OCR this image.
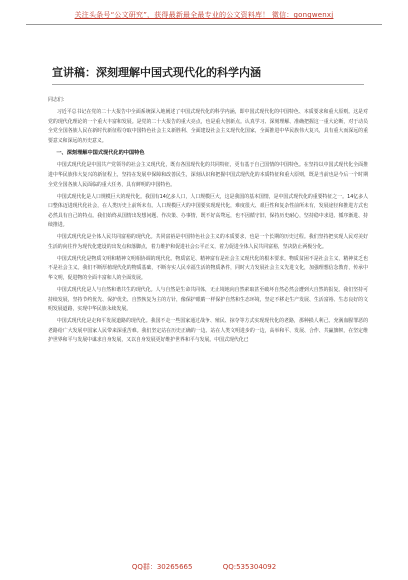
关注头条号“公文研究”，获得最新最全最专业的公文资料库！ 微信：gongwenxj
宣讲稿：深刻理解中国式现代化的科学内涵

同志们：

习近平总书记在党的二十大报告中全面系统深入地阐述了中国式现代化的科学内涵，即中国式现代化的中国特色、本质要求和重大原则。这是对党的现代化理论的一个重大丰富和发展。是党的二十大报告的重大亮点，也是重大创新点。认真学习、深刻理解、准确把握这一重大论断，对于动员全党全国各族人民在新时代新征程夺取中国特色社会主义新胜利、全面建设社会主义现代化国家，全面推进中华民族伟大复兴，具有重大而深远的重要意义和深远的历史意义。

一、深刻理解中国式现代化的中国特色

中国式现代化是中国共产党领导的社会主义现代化，既有各国现代化的共同特征，更有基于自己国情的中国特色。在坚持以中国式现代化全面推进中华民族伟大复兴的新征程上，坚持在发展中保障和改善民生，深刻认识和把握中国式现代化的本质特征和重大原则，既是当前也是今后一个时期全党全国各族人民面临的重大任务，具有鲜明的中国特色。

中国式现代化是人口规模巨大的现代化。我国有14亿多人口，人口规模巨大，这是我国的基本国情，是中国式现代化的重要特征之一。14亿多人口整体迈进现代化社会，在人类历史上前所未有。人口规模巨大的中国要实现现代化，难度很大、艰巨性和复杂性前所未有，发展途径和推进方式也必然具有自己的特点。我们始终从国情出发想问题、作决策、办事情，既不好高骛远，也不因循守旧，保持历史耐心，坚持稳中求进、循序渐进、持续推进。

中国式现代化是全体人民共同富裕的现代化。共同富裕是中国特色社会主义的本质要求，也是一个长期的历史过程。我们坚持把实现人民对美好生活的向往作为现代化建设的出发点和落脚点，着力维护和促进社会公平正义，着力促进全体人民共同富裕，坚决防止两极分化。

中国式现代化是物质文明和精神文明相协调的现代化。物质富足、精神富有是社会主义现代化的根本要求。物质贫困不是社会主义，精神贫乏也不是社会主义。我们不断厚植现代化的物质基础，不断夯实人民幸福生活的物质条件，同时大力发展社会主义先进文化，加强理想信念教育，传承中华文明，促进物的全面丰富和人的全面发展。

中国式现代化是人与自然和谐共生的现代化。人与自然是生命共同体，无止境地向自然索取甚至破坏自然必然会遭到大自然的报复。我们坚持可持续发展，坚持节约优先、保护优先、自然恢复为主的方针，像保护眼睛一样保护自然和生态环境，坚定不移走生产发展、生活富裕、生态良好的文明发展道路，实现中华民族永续发展。

中国式现代化是走和平发展道路的现代化。我国不走一些国家通过战争、殖民、掠夺等方式实现现代化的老路，那种损人利己、充满血腥罪恶的老路给广大发展中国家人民带来深重苦难。我们坚定站在历史正确的一边、站在人类文明进步的一边，高举和平、发展、合作、共赢旗帜，在坚定维护世界和平与发展中谋求自身发展，又以自身发展更好维护世界和平与发展。中国式现代化已

QQ群：30265665	QQ:535304092
